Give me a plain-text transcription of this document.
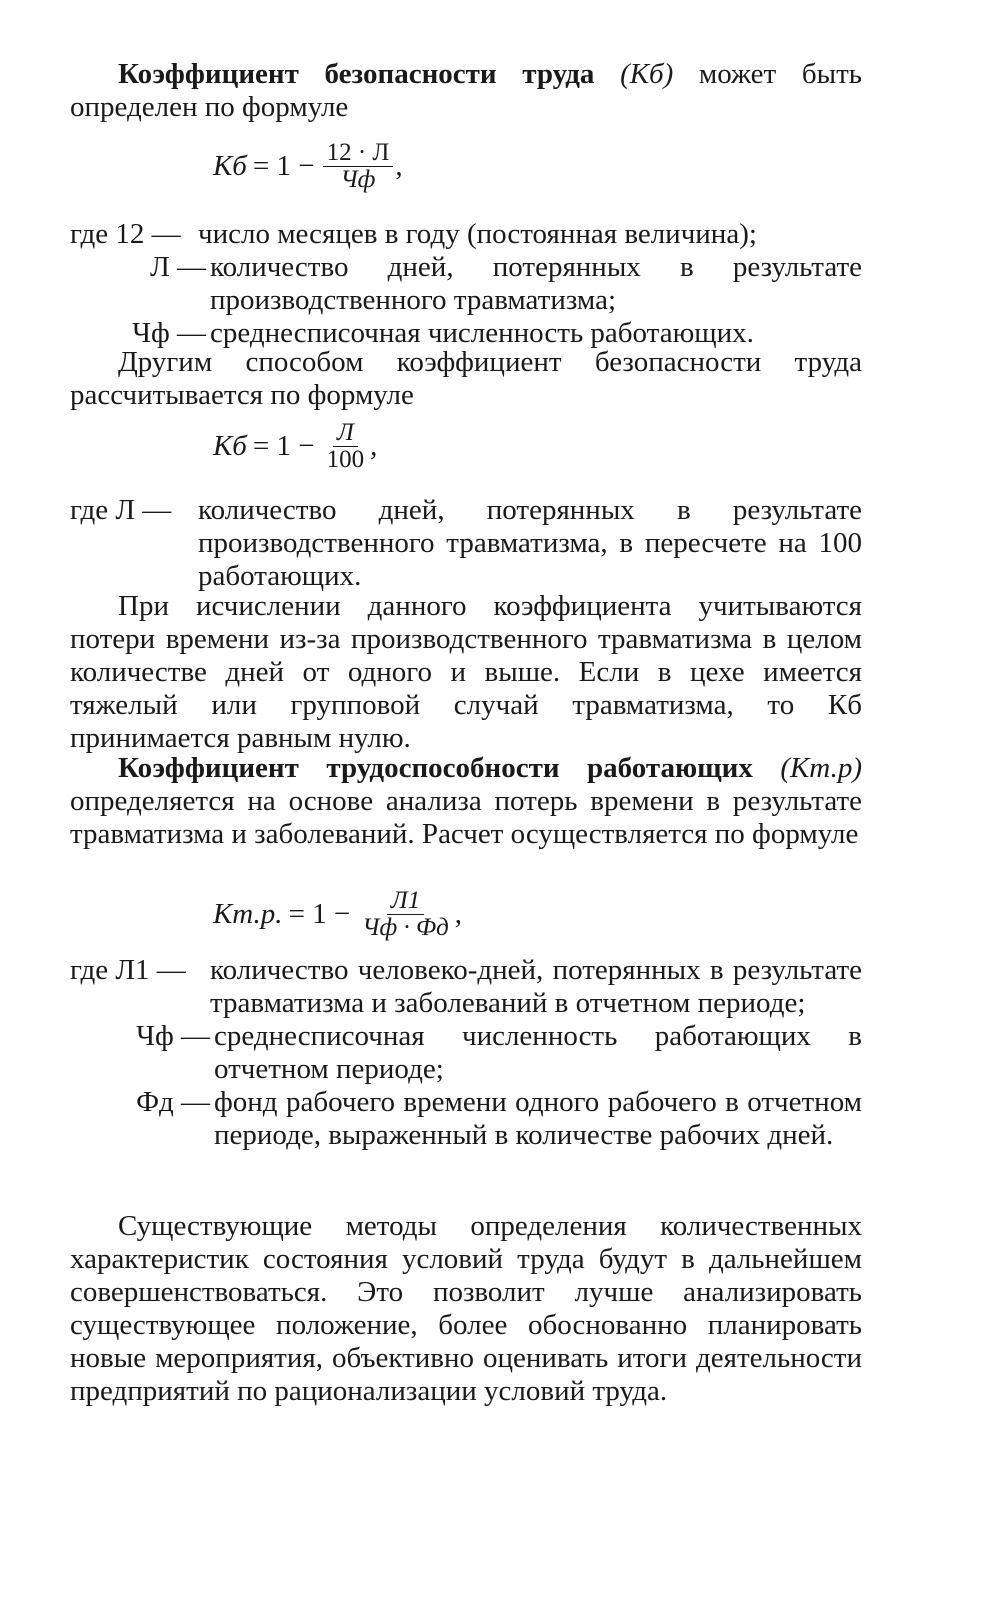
Коэффициент безопасности труда (Кб) может быть определен по формуле
Кб = $1 - \frac{12 \cdot Л}{Чф}$ ,
где 12 — число месяцев в году (постоянная величина);
Л — количество дней, потерянных в результате производственного травматизма;
Чф — среднесписочная численность работающих.
Другим способом коэффициент безопасности труда рассчитывается по формуле
Кб = $1 - \frac{Л}{100}$ ,
где Л — количество дней, потерянных в результате производственного травматизма, в пересчете на 100 работающих.
При исчислении данного коэффициента учитываются потери времени из-за производственного травматизма в целом количестве дней от одного и выше. Если в цехе имеется тяжелый или групповой случай травматизма, то Кб принимается равным нулю.
Коэффициент трудоспособности работающих (Кт.р) определяется на основе анализа потерь времени в результате травматизма и заболеваний. Расчет осуществляется по формуле
Кт.р. = $1 - \frac{Л1}{Чф \cdot Фд}$ ,
где Л1 — количество человеко-дней, потерянных в результате травматизма и заболеваний в отчетном периоде;
Чф — среднесписочная численность работающих в отчетном периоде;
Фд — фонд рабочего времени одного рабочего в отчетном периоде, выраженный в количестве рабочих дней.
Существующие методы определения количественных характеристик состояния условий труда будут в дальнейшем совершенствоваться. Это позволит лучше анализировать существующее положение, более обоснованно планировать новые мероприятия, объективно оценивать итоги деятельности предприятий по рационализации условий труда.
